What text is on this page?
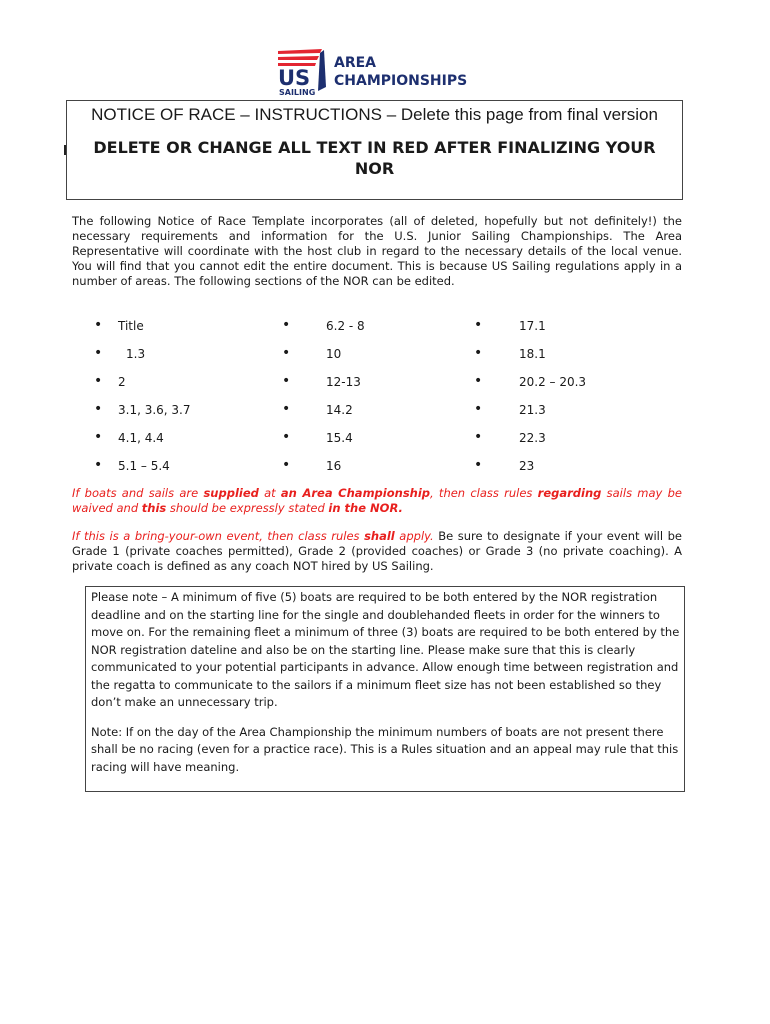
US
SAILING
AREA
CHAMPIONSHIPS
NOTICE OF RACE – INSTRUCTIONS – Delete this page from final version
DELETE OR CHANGE ALL TEXT IN RED AFTER FINALIZING YOUR NOR
The following Notice of Race Template incorporates (all of deleted, hopefully but not definitely!) the necessary requirements and information for the U.S. Junior Sailing Championships. The Area Representative will coordinate with the host club in regard to the necessary details of the local venue. You will find that you cannot edit the entire document. This is because US Sailing regulations apply in a number of areas. The following sections of the NOR can be edited.
• Title
• 1.3
• 2
• 3.1, 3.6, 3.7
• 4.1, 4.4
• 5.1 – 5.4
•	6.2 - 8
•	10
•	12-13
•	14.2
•	15.4
•	16
•	17.1
•	18.1
•	20.2 – 20.3
•	21.3
•	22.3
•	23
If boats and sails are supplied at an Area Championship, then class rules regarding sails may be waived and this should be expressly stated in the NOR.
If this is a bring-your-own event, then class rules shall apply. Be sure to designate if your event will be Grade 1 (private coaches permitted), Grade 2 (provided coaches) or Grade 3 (no private coaching). A private coach is defined as any coach NOT hired by US Sailing.

Please note – A minimum of five (5) boats are required to be both entered by the NOR registration deadline and on the starting line for the single and doublehanded fleets in order for the winners to move on. For the remaining fleet a minimum of three (3) boats are required to be both entered by the NOR registration dateline and also be on the starting line. Please make sure that this is clearly communicated to your potential participants in advance. Allow enough time between registration and the regatta to communicate to the sailors if a minimum fleet size has not been established so they don’t make an unnecessary trip.

Note: If on the day of the Area Championship the minimum numbers of boats are not present there shall be no racing (even for a practice race). This is a Rules situation and an appeal may rule that this racing will have meaning.
